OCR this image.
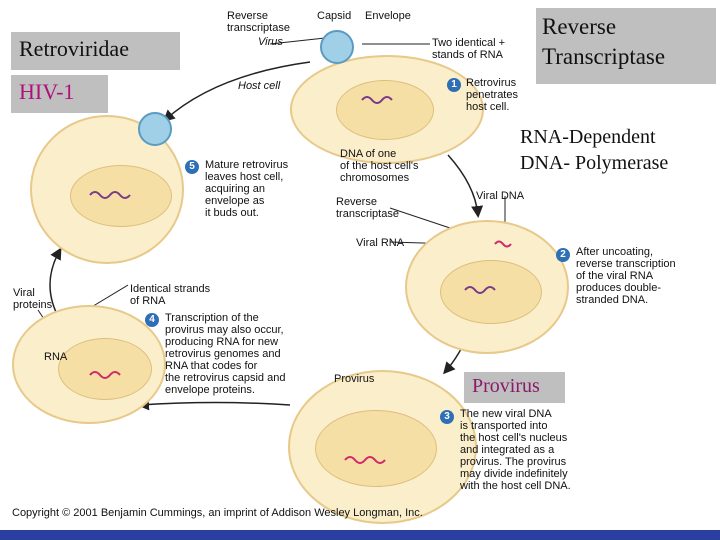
Retroviridae
HIV-1
Reverse
Transcriptase
RNA-Dependent
DNA- Polymerase
Provirus
Reverse
transcriptase
Capsid Envelope
Virus	Two identical +
stands of RNA
Host cell
DNA of one
of the host cell's
chromosomes
Reverse
transcriptase
Viral DNA
Viral RNA
Identical strands
of RNA
Viral
proteins
RNA
Provirus
1 Retrovirus
penetrates
host cell.
2 After uncoating,
reverse transcription
of the viral RNA
produces double-
stranded DNA.
3 The new viral DNA
is transported into
the host cell's nucleus
and integrated as a
provirus. The provirus
may divide indefinitely
with the host cell DNA.
4 Transcription of the
provirus may also occur,
producing RNA for new
retrovirus genomes and
RNA that codes for
the retrovirus capsid and
envelope proteins.
5 Mature retrovirus
leaves host cell,
acquiring an
envelope as
it buds out.
Copyright © 2001 Benjamin Cummings, an imprint of Addison Wesley Longman, Inc.
